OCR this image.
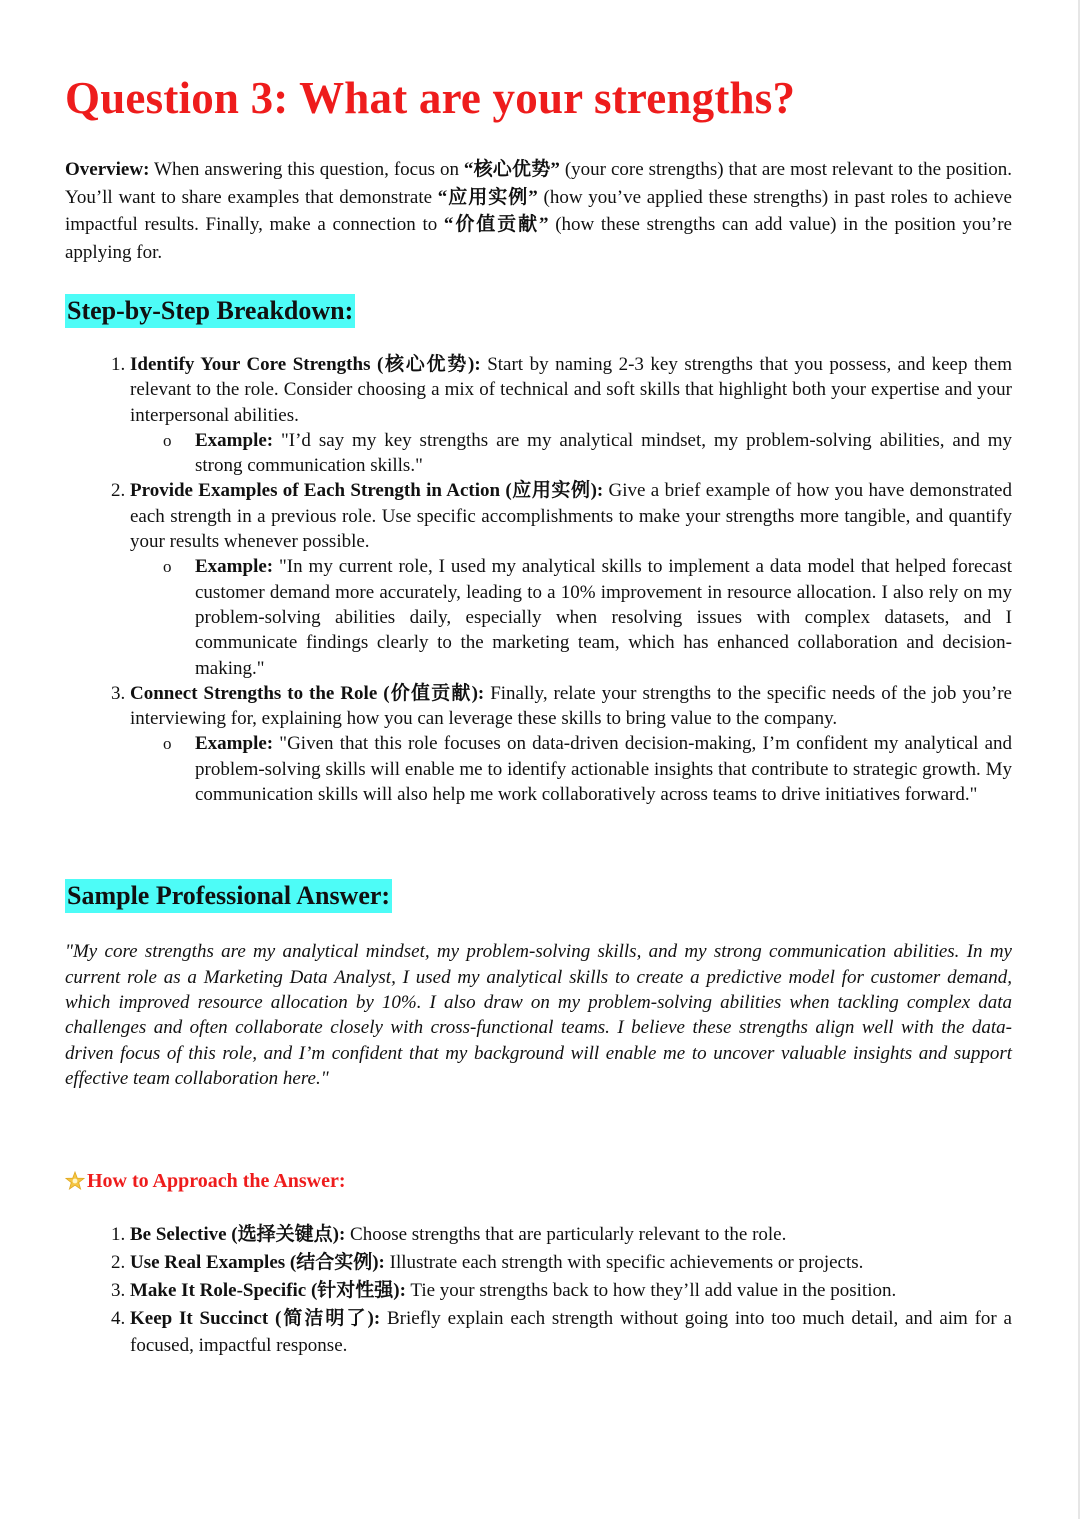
Question 3: What are your strengths?

Overview: When answering this question, focus on “核心优势” (your core strengths) that are most relevant to the position. You’ll want to share examples that demonstrate “应用实例” (how you’ve applied these strengths) in past roles to achieve impactful results. Finally, make a connection to “价值贡献” (how these strengths can add value) in the position you’re applying for.

Step-by-Step Breakdown:
1. Identify Your Core Strengths (核心优势): Start by naming 2-3 key strengths that you possess, and keep them relevant to the role. Consider choosing a mix of technical and soft skills that highlight both your expertise and your interpersonal abilities.
o Example: "I’d say my key strengths are my analytical mindset, my problem-solving abilities, and my strong communication skills."
2. Provide Examples of Each Strength in Action (应用实例): Give a brief example of how you have demonstrated each strength in a previous role. Use specific accomplishments to make your strengths more tangible, and quantify your results whenever possible.
o Example: "In my current role, I used my analytical skills to implement a data model that helped forecast customer demand more accurately, leading to a 10% improvement in resource allocation. I also rely on my problem-solving abilities daily, especially when resolving issues with complex datasets, and I communicate findings clearly to the marketing team, which has enhanced collaboration and decision-making."
3. Connect Strengths to the Role (价值贡献): Finally, relate your strengths to the specific needs of the job you’re interviewing for, explaining how you can leverage these skills to bring value to the company.
o Example: "Given that this role focuses on data-driven decision-making, I’m confident my analytical and problem-solving skills will enable me to identify actionable insights that contribute to strategic growth. My communication skills will also help me work collaboratively across teams to drive initiatives forward."
Sample Professional Answer:

"My core strengths are my analytical mindset, my problem-solving skills, and my strong communication abilities. In my current role as a Marketing Data Analyst, I used my analytical skills to create a predictive model for customer demand, which improved resource allocation by 10%. I also draw on my problem-solving abilities when tackling complex data challenges and often collaborate closely with cross-functional teams. I believe these strengths align well with the data-driven focus of this role, and I’m confident that my background will enable me to uncover valuable insights and support effective team collaboration here."

How to Approach the Answer:
1. Be Selective (选择关键点): Choose strengths that are particularly relevant to the role.
2. Use Real Examples (结合实例): Illustrate each strength with specific achievements or projects.
3. Make It Role-Specific (针对性强): Tie your strengths back to how they’ll add value in the position.
4. Keep It Succinct (简洁明了): Briefly explain each strength without going into too much detail, and aim for a focused, impactful response.
